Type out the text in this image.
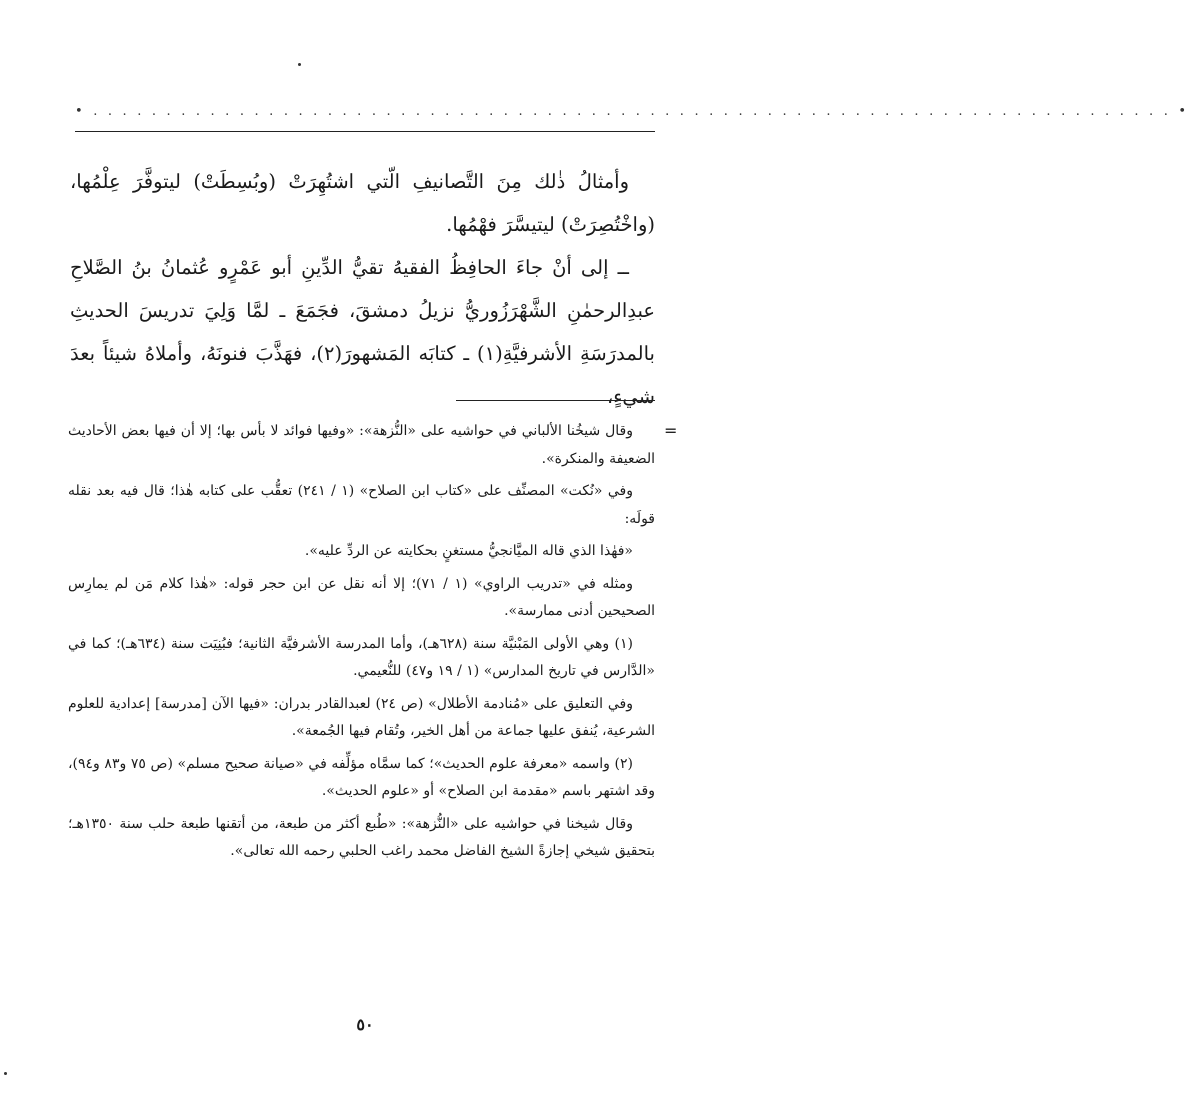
• . . . . . . . . . . . . . . . . . . . . . . . . . . . . . . . . . . . . . . . . . . . . . . . . . . . . . . . . . . . . . . . . . . . . . . . . . . •

وأمثالُ ذٰلك مِنَ التَّصانيفِ الّتي اشتُهِرَتْ (وبُسِطَتْ) ليتوفَّرَ عِلْمُها، (واخْتُصِرَتْ) ليتيسَّرَ فهْمُها.

ــ إلى أنْ جاءَ الحافِظُ الفقيهُ تقيُّ الدِّينِ أبو عَمْرٍو عُثمانُ بنُ الصَّلاحِ عبدِالرحمٰنِ الشَّهْرَزُوريُّ نزيلُ دمشقَ، فجَمَعَ ـ لمَّا وَلِيَ تدريسَ الحديثِ بالمدرَسَةِ الأشرفيَّةِ(١) ـ كتابَه المَشهورَ(٢)، فهَذَّبَ فنونَهُ، وأملاهُ شيئاً بعدَ شيءٍ،

=

وقال شيخُنا الألباني في حواشيه على «النُّزهة»: «وفيها فوائد لا بأس بها؛ إلا أن فيها بعض الأحاديث الضعيفة والمنكرة».

وفي «نُكت» المصنِّف على «كتاب ابن الصلاح» (١ / ٢٤١) تعقُّب على كتابه هٰذا؛ قال فيه بعد نقله قولَه:

«فهٰذا الذي قاله الميَّانجيُّ مستغنٍ بحكايته عن الردِّ عليه».

ومثله في «تدريب الراوي» (١ / ٧١)؛ إلا أنه نقل عن ابن حجر قوله: «هٰذا كلام مَن لم يمارِس الصحيحين أدنى ممارسة».

(١) وهي الأولى المَبْنيَّة سنة (٦٢٨هـ)، وأما المدرسة الأشرفيَّة الثانية؛ فبُنِيَت سنة (٦٣٤هـ)؛ كما في «الدَّارس في تاريخ المدارس» (١ / ١٩ و٤٧) للنُّعيمي.

وفي التعليق على «مُنادمة الأطلال» (ص ٢٤) لعبدالقادر بدران: «فيها الآن [مدرسة] إعدادية للعلوم الشرعية، يُنفق عليها جماعة من أهل الخير، وتُقام فيها الجُمعة».

(٢) واسمه «معرفة علوم الحديث»؛ كما سمَّاه مؤلِّفه في «صيانة صحيح مسلم» (ص ٧٥ و٨٣ و٩٤)، وقد اشتهر باسم «مقدمة ابن الصلاح» أو «علوم الحديث».

وقال شيخنا في حواشيه على «النُّزهة»: «طُبع أكثر من طبعة، من أتقنها طبعة حلب سنة ١٣٥٠هـ؛ بتحقيق شيخي إجازةً الشيخ الفاضل محمد راغب الحلبي رحمه الله تعالى».

٥٠
